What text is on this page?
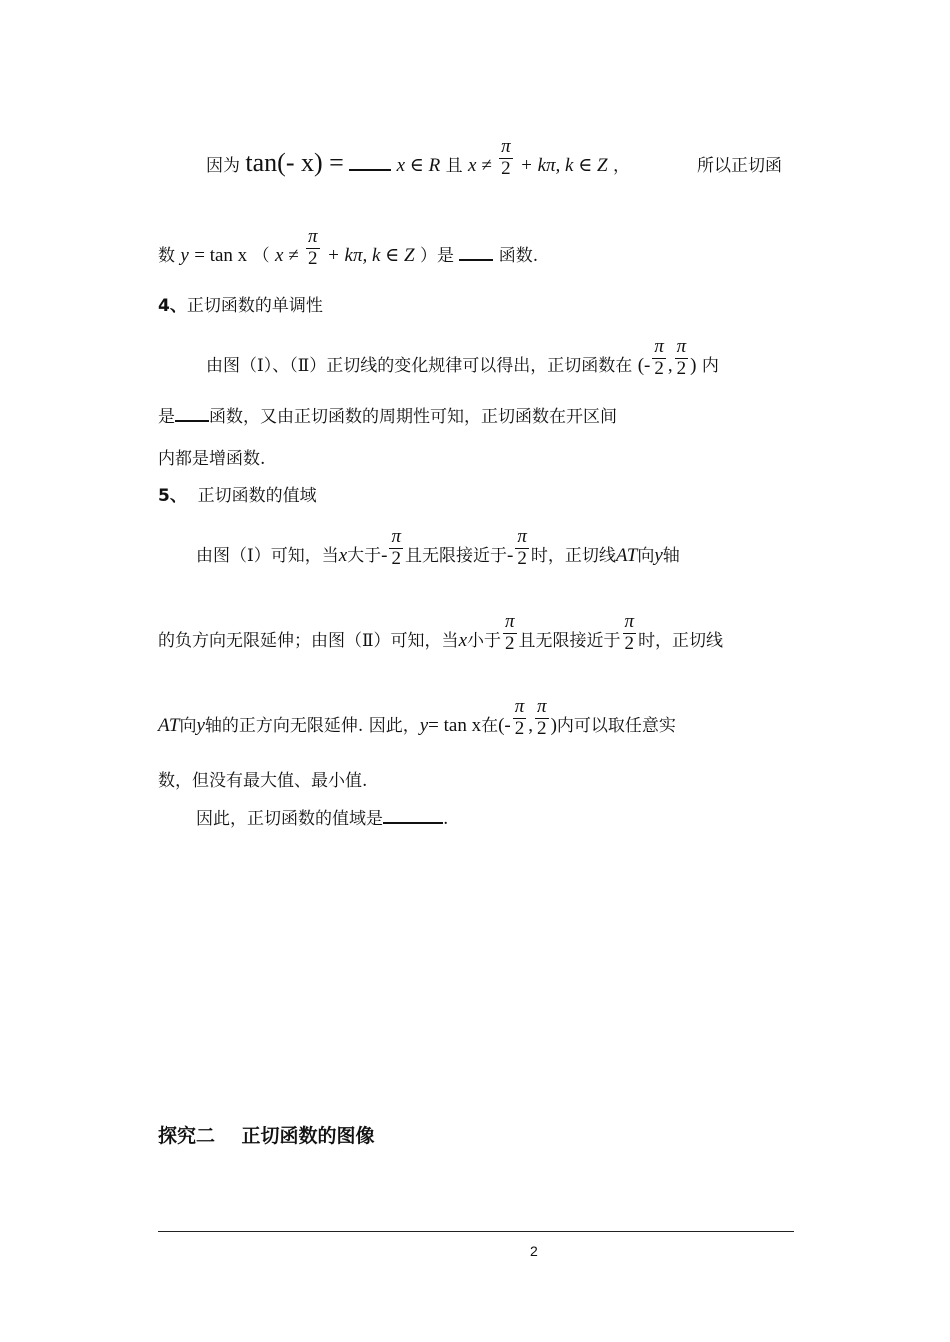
因为 tan(- x) =	x ∈ R 且 $x \ne \frac{\pi}{2} + k\pi$, k ∈ Z ，	所以正切函
数 y = tan x （ $x \ne \frac{\pi}{2} + k\pi$, k ∈ Z ）是	函数.
4、正切函数的单调性
由图（Ⅰ）、（Ⅱ）正切线的变化规律可以得出，正切函数在 (- $\frac{\pi}{2}$ , $\frac{\pi}{2}$ ) 内
是 函数，又由正切函数的周期性可知，正切函数在开区间
内都是增函数.
5、 正切函数的值域
由图（Ⅰ）可知，当x大于- $\frac{\pi}{2}$ 且无限接近于- $\frac{\pi}{2}$ 时，正切线AT向y轴
的负方向无限延伸；由图（Ⅱ）可知，当x小于 $\frac{\pi}{2}$ 且无限接近于 $\frac{\pi}{2}$ 时，正切线
AT向y轴的正方向无限延伸. 因此，y= tan x在(- $\frac{\pi}{2}$ , $\frac{\pi}{2}$ )内可以取任意实
数，但没有最大值、最小值.
因此，正切函数的值域是	.
探究二    正切函数的图像
2
